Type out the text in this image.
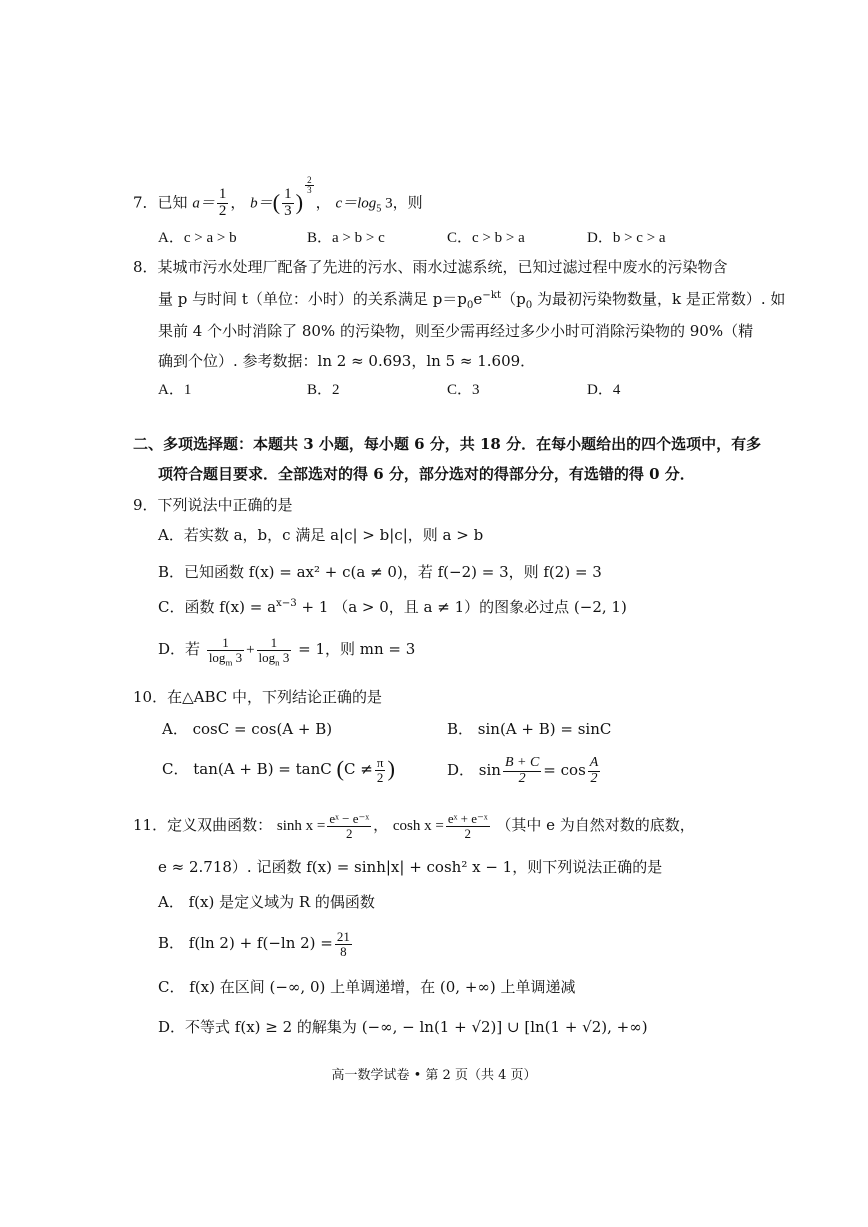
7．已知 $a= \frac{1}{2}$ ， $b=( \frac{1}{3}$ )
$\frac{2}{3}$
， $c=\log_5$ 3，则
A．c > a > b	B．a > b > c	C．c > b > a	D．b > c > a
8．某城市污水处理厂配备了先进的污水、雨水过滤系统，已知过滤过程中废水的污染物含
量 p 与时间 t（单位：小时）的关系满足 $p=p_0e^{-kt}(p_0$ 为最初污染物数量，k 是正常数）. 如
果前 4 个小时消除了 80% 的污染物，则至少需再经过多少小时可消除污染物的 90%（精
确到个位）. 参考数据：ln 2 ≈ 0.693，ln 5 ≈ 1.609．
A．1	B．2	C．3	D．4
二、多项选择题：本题共 3 小题，每小题 6 分，共 18 分．在每小题给出的四个选项中，有多
项符合题目要求．全部选对的得 6 分，部分选对的得部分分，有选错的得 0 分．
9．下列说法中正确的是
A．若实数 a，b，c 满足 a|c| > b|c|，则 a > b
B．已知函数 f(x) = ax² + c(a ≠ 0)，若 f(−2) = 3，则 f(2) = 3
C．函数 $f(x) = a^{x-3} + 1$ （a > 0，且 a ≠ 1）的图象必过点 (−2, 1)
D．若 $\frac{1}{\log_m 3} + \frac{1}{\log_n 3} = 1$，则 mn = 3
10．在△ABC 中，下列结论正确的是
A． cosC = cos(A + B)	B． sin(A + B) = sinC
C． tan(A + B) = tanC ($C \ne \frac{\pi}{2}$ )	D． $\sin \frac{B + C}{2} = \cos \frac{A}{2}$
11．定义双曲函数： $\sinh x = \frac{\text{eˣ − e⁻ˣ}}{2}$ ， $\cosh x = \frac{\text{eˣ + e⁻ˣ}}{2}$ （其中 e 为自然对数的底数，
e ≈ 2.718）. 记函数 f(x) = sinh|x| + cosh² x − 1，则下列说法正确的是
A． f(x) 是定义域为 R 的偶函数
B． f(ln 2) + f(−ln $2) = \frac{21}{8}$
C． f(x) 在区间 (−∞, 0) 上单调递增，在 (0, +∞) 上单调递减
D．不等式 f(x) ≥ 2 的解集为 (−∞, − ln(1 + √2)] ∪ [ln(1 + √2), +∞)
高一数学试卷 • 第 2 页（共 4 页）
